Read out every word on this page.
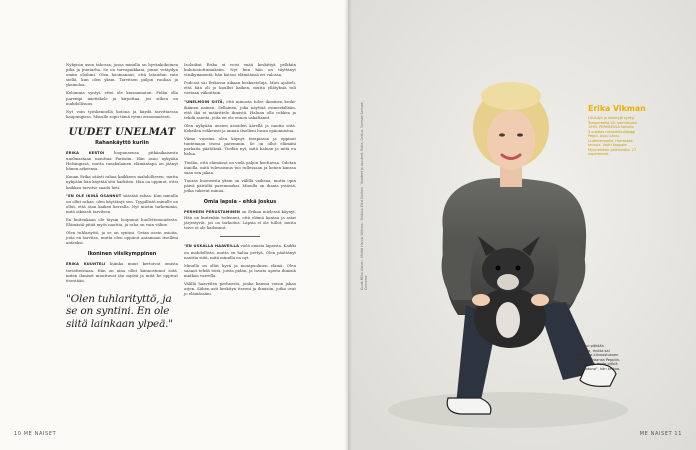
Nykyisin asun tahossa, jossa minulla on hyvänkokoinen piha ja puutarha. Se on turvapaikkani, jonne vetäydyn omiin oloihini. Olen huomannut, että lataudun vain siellä, kun olen yksin. Tarvitsen paljon rauhaa ja yksinoloa.

Kolumnia syntyi, ettei ole kiusanmaton. Pidän olla parempi mietiskele ja kirjoittaa, jos siihen on mahdollisuus.

Nyt voin työskennellä kotona ja käydä tarvittaessa kaupungissa. Minulle sopii tämä rytmi erinomaisesti.

UUDET UNELMAT
Rahankäyttö kuriin

ERIKA KERTOI luopuneensa pitkäaikaisesta unelmastaan muuttaa Pariisiin. Hän asuu nykyään Helsingissä, mutta ranskalainen elämäntapa on jäänyt hänen arkeensa.

Kauan Erika säästi rahaa kaikkeen mahdolliseen, mutta nykyään hän käyttää sitä harkiten. Hän on oppinut, ettei kaikkea tarvitse saada heti.

"EN OLE IKINÄ OSANNUT säästää rahaa. Kun minulla on ollut rahaa, olen käyttänyt sen. Tyypillistä minulle on ollut, että otan kaiken kerralla. Nyt mietin tarkemmin, mitä oikeasti tarvitsen.

En kuitenkaan ole täysin luopunut huolettomuudesta. Elämästä pitää myös nauttia, ja raha on vain väline.

Olen tuhlariyttö, ja se on syntini. Ostan usein asioita, joita en tarvitse, mutta olen oppinut antamaan itselleni anteeksi.

Ikoninen viisikymppinen

ERIKA KUUNTELI kuinka muut kertoivat omista tavoitteistaan. Hän on aina ollut kiinnostunut siitä, miten ihmiset muuttuvat iän myötä ja mitä he oppivat itsestään.

"Olen tuhlarityttö, ja se on syntini. En ole siitä lainkaan ylpeä."

Isolaskut Erika ei voisi enää keskittyä pelkkiin kulutustottumuksiin. Nyt kun hän on täyttänyt viisikymmentä, hän katsoo elämäänsä eri valossa.

Podcast sai Erikassa aikaan keskusteluja. Mies ajatteli, että hän oli jo kuullut kaiken, mutta yllätyksiä tuli vastaan viikoittain.

"UNELMOIN SIITÄ, että minusta tulee ikoninen keski-ikäinen nainen. Sellainen, joka näyttää esimerkillään, että ikä ei määrittele ihmistä. Haluan olla rohkea ja tehdä asioita, joita en ole ennen uskaltanut.

Olen nykyään uusien asioiden äärellä ja nautin siitä. Kokeilen rohkeasti ja annan itselleni luvan epäonnistua.

Viime vuosina olen käynyt terapiassa ja oppinut tuntemaan itseni paremmin. Se on ollut elämäni parhaita päätöksiä. Tiedän nyt, mitä haluan ja mitä en halua.

Tiedän, että elämässä on vielä paljon koettavaa. Odotan innolla, mitä tulevaisuus tuo tullessaan ja kenen kanssa saan sen jakaa.

Tuuras huoneesta yksin on välillä vaikeaa, mutta opin päivä päivältä paremmaksi. Minulla on ihania ystäviä, jotka tukevat minua.

Omia lapsia – ehkä joskus

PERHEEN PERUSTAMINEN on Erikan mielessä käynyt. Hän on kuitenkin todennut, että elämä kantaa ja asiat järjestyvät, jos on tarkoitus. Lapsia ei ole tullut, mutta toive ei ole kadonnut.

"EN USKALLA HAAVEILLA vielä omista lapsista. Kaikki on mahdollista, mutta en halua pettyä. Olen päättänyt nauttia siitä, mitä minulla on nyt.

Minulla on ollut hyvä ja monipuolinen elämä. Olen saanut tehdä töitä, joista pidän, ja tavata upeita ihmisiä matkan varrella.

Välillä haaveilen perheestä, jonka kanssa voisin jakaa arjen. Siihen asti keskityn itseeni ja ihmisiin, jotka ovat jo elämässäni.

10 ME NAISET
Kuvat Milka Alanen · Meikki Hanna Välimaa · Stailaus Elina Kantola · Vaatteet ja asusteet: Rains, Gestuz, Samsøe Samsøe, Converse
Erika Vikman
LAULAJA ja esiintyjä syntyi Tampereella 20. helmikuuta 1993. PERHEESSÄ koiralla 3-vuotias ranskanbulldoggi Peppi. Asuu Länsi-Uudellamaalla. Harrastaa tanssia. Voitti kappale Myyrreiseen palkinnolla. 27 nopeimmat.
Erika asui pitkään ulkomailla, mutta sai kotimaassa kiinnostuksen kotiin ja koiraansa Peppiin. "Nyt voin nyt myös pitkiä aikoja kotona", hän kertoo.
ME NAISET 11
